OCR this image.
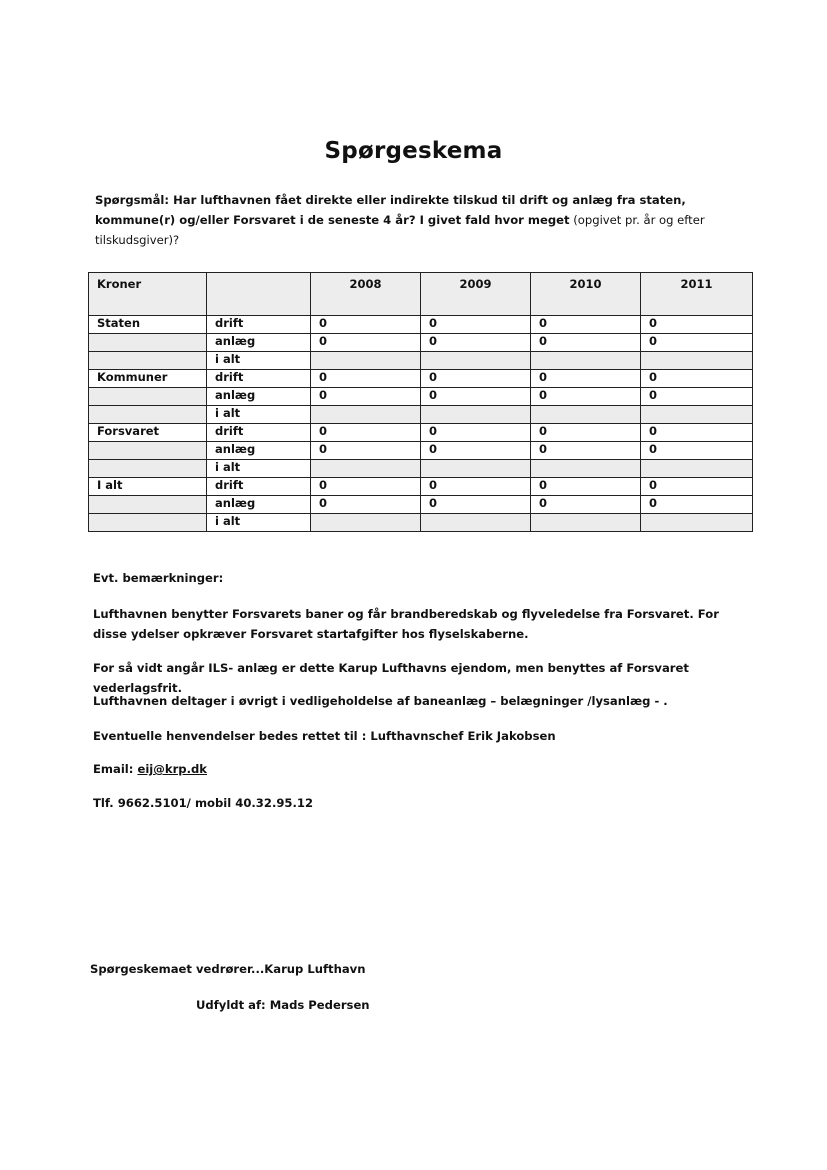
Spørgeskema
Spørgsmål: Har lufthavnen fået direkte eller indirekte tilskud til drift og anlæg fra staten, kommune(r) og/eller Forsvaret i de seneste 4 år? I givet fald hvor meget (opgivet pr. år og efter tilskudsgiver)?
Kroner		2008	2009	2010	2011
Staten	drift	0	0	0	0
	anlæg	0	0	0	0
	i alt				
Kommuner	drift	0	0	0	0
	anlæg	0	0	0	0
	i alt				
Forsvaret	drift	0	0	0	0
	anlæg	0	0	0	0
	i alt				
I alt	drift	0	0	0	0
	anlæg	0	0	0	0
	i alt				
Evt. bemærkninger:
Lufthavnen benytter Forsvarets baner og får brandberedskab og flyveledelse fra Forsvaret. For disse ydelser opkræver Forsvaret startafgifter hos flyselskaberne.
For så vidt angår ILS- anlæg er dette Karup Lufthavns ejendom, men benyttes af Forsvaret vederlagsfrit.
Lufthavnen deltager i øvrigt i vedligeholdelse af baneanlæg – belægninger /lysanlæg - .
Eventuelle henvendelser bedes rettet til : Lufthavnschef Erik Jakobsen
Email: eij@krp.dk
Tlf. 9662.5101/ mobil 40.32.95.12
Spørgeskemaet vedrører...Karup Lufthavn
Udfyldt af: Mads Pedersen
